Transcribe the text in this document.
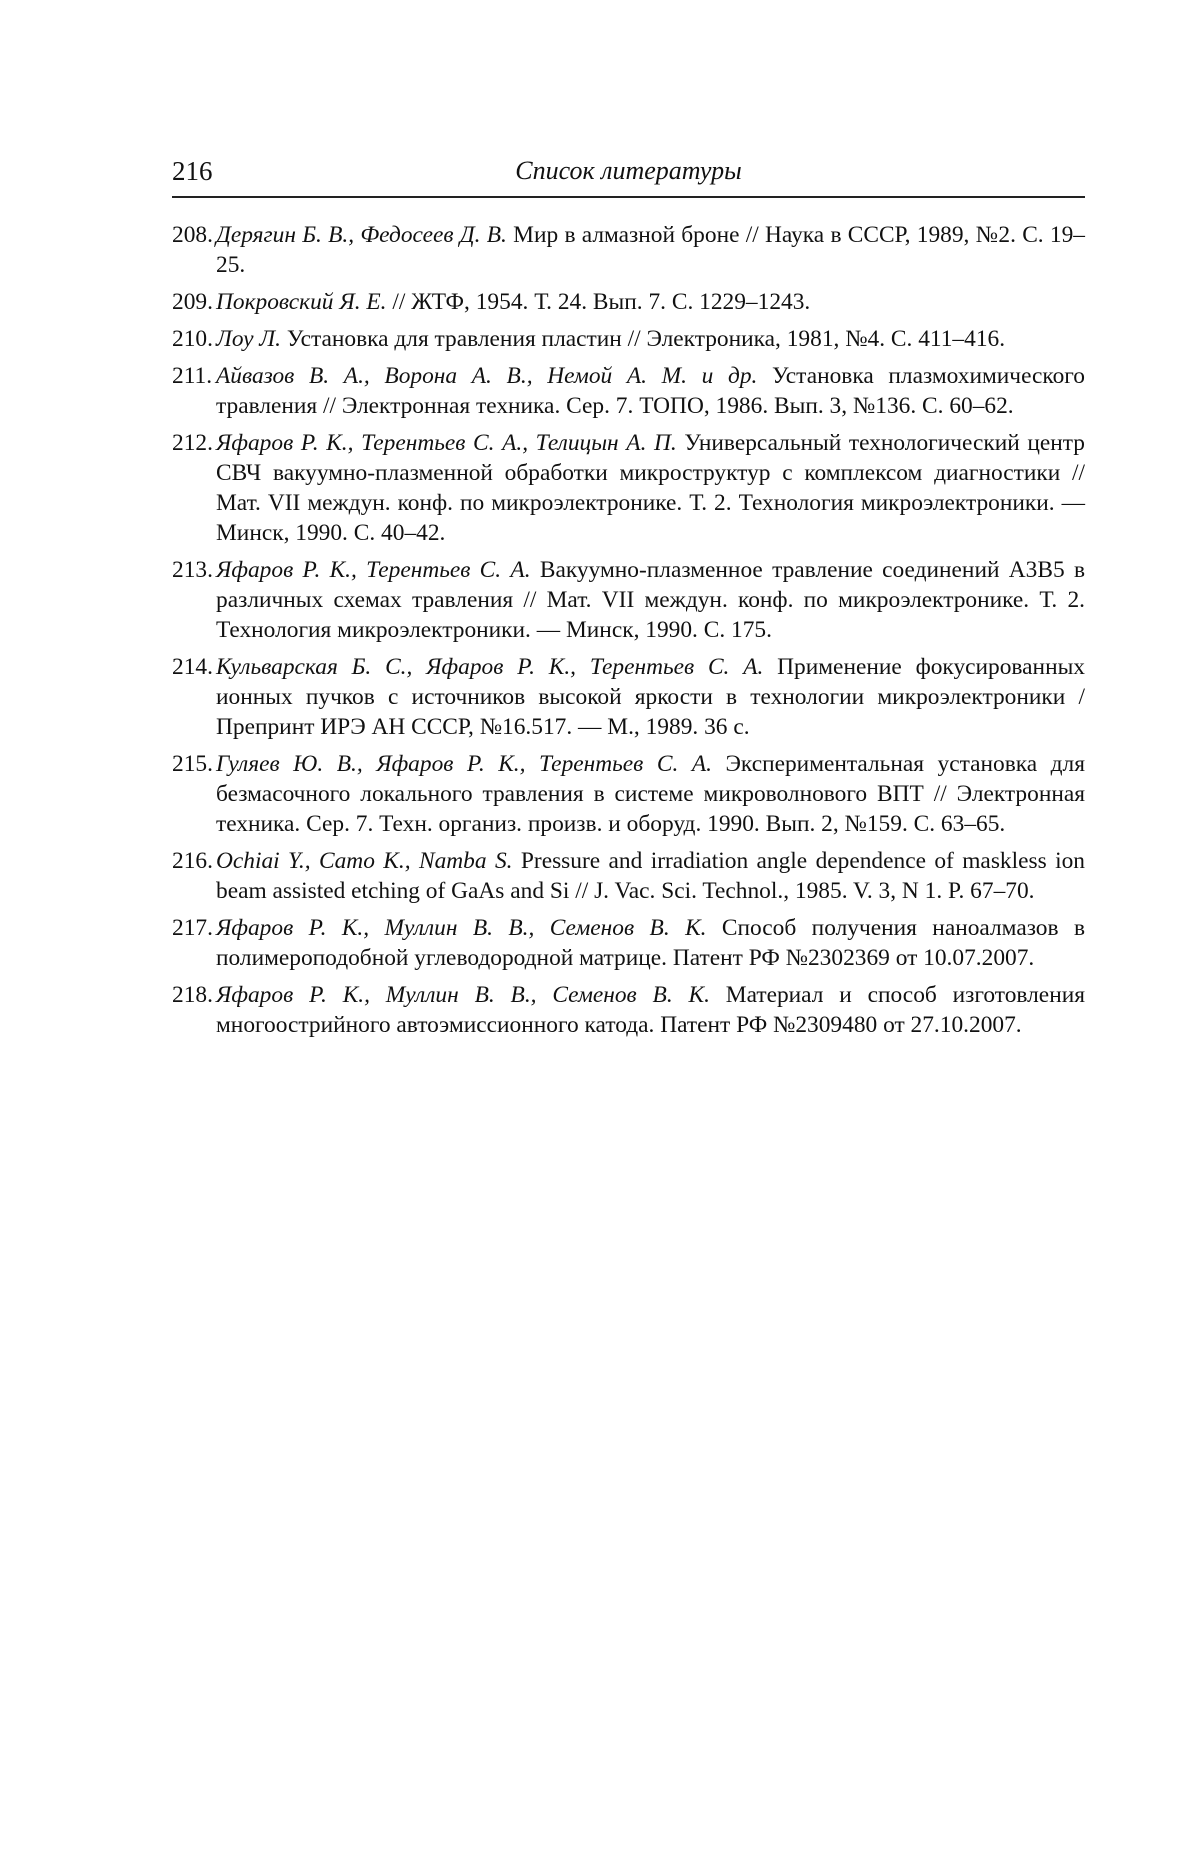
216	Список литературы
208. Дерягин Б. В., Федосеев Д. В. Мир в алмазной броне // Наука в СССР, 1989, №2. С. 19–25.
209. Покровский Я. Е. // ЖТФ, 1954. Т. 24. Вып. 7. С. 1229–1243.
210. Лоу Л. Установка для травления пластин // Электроника, 1981, №4. С. 411–416.
211. Айвазов В. А., Ворона А. В., Немой А. М. и др. Установка плазмохимического травления // Электронная техника. Сер. 7. ТОПО, 1986. Вып. 3, №136. С. 60–62.
212. Яфаров Р. К., Терентьев С. А., Телицын А. П. Универсальный технологический центр СВЧ вакуумно-плазменной обработки микроструктур с комплексом диагностики // Мат. VII междун. конф. по микроэлектронике. Т. 2. Технология микроэлектроники. — Минск, 1990. С. 40–42.
213. Яфаров Р. К., Терентьев С. А. Вакуумно-плазменное травление соединений А3В5 в различных схемах травления // Мат. VII междун. конф. по микроэлектронике. Т. 2. Технология микроэлектроники. — Минск, 1990. С. 175.
214. Кульварская Б. С., Яфаров Р. К., Терентьев С. А. Применение фокусированных ионных пучков с источников высокой яркости в технологии микроэлектроники / Препринт ИРЭ АН СССР, №16.517. — М., 1989. 36 с.
215. Гуляев Ю. В., Яфаров Р. К., Терентьев С. А. Экспериментальная установка для безмасочного локального травления в системе микроволнового ВПТ // Электронная техника. Сер. 7. Техн. организ. произв. и оборуд. 1990. Вып. 2, №159. С. 63–65.
216. Ochiai Y., Camo K., Namba S. Pressure and irradiation angle dependence of maskless ion beam assisted etching of GaAs and Si // J. Vac. Sci. Technol., 1985. V. 3, N 1. P. 67–70.
217. Яфаров Р. К., Муллин В. В., Семенов В. К. Способ получения наноалмазов в полимероподобной углеводородной матрице. Патент РФ №2302369 от 10.07.2007.
218. Яфаров Р. К., Муллин В. В., Семенов В. К. Материал и способ изготовления многоострийного автоэмиссионного катода. Патент РФ №2309480 от 27.10.2007.
